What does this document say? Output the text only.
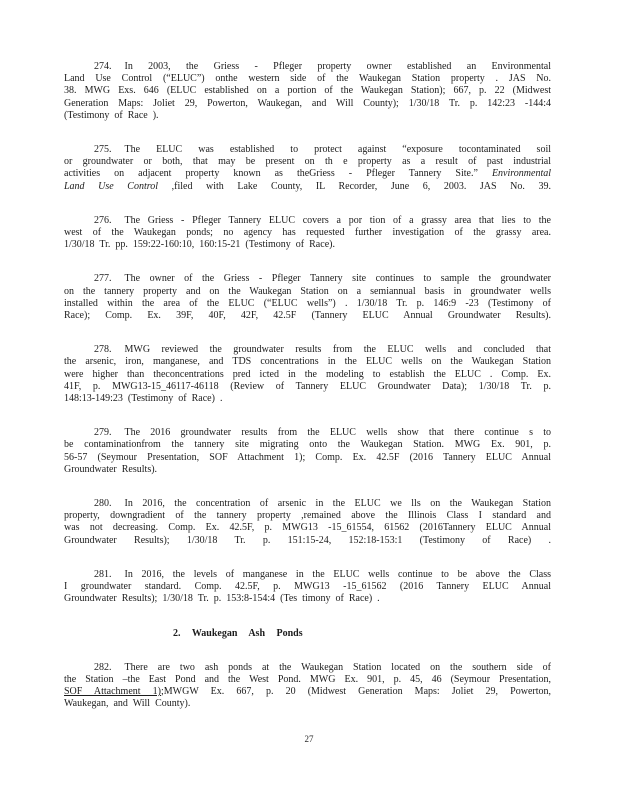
274. In 2003, the Griess - Pfleger property owner established an Environmental
Land Use Control (“ELUC”) onthe western side of the Waukegan Station property . JAS No.
38. MWG Exs. 646 (ELUC established on a portion of the Waukegan Station); 667, p. 22 (Midwest
Generation Maps: Joliet 29, Powerton, Waukegan, and Will County); 1/30/18 Tr. p. 142:23 -144:4
(Testimony of Race ).
275. The ELUC was established to protect against “exposure tocontaminated soil
or groundwater or both, that may be present on th e property as a result of past industrial
activities on adjacent property known as theGriess - Pfleger Tannery Site.” Environmental
Land Use Control ,filed with Lake County, IL Recorder, June 6, 2003. JAS No. 39.
276. The Griess - Pfleger Tannery ELUC covers a por tion of a grassy area that lies to the
west of the Waukegan ponds; no agency has requested further investigation of the grassy area.
1/30/18 Tr. pp. 159:22-160:10, 160:15-21 (Testimony of Race).
277. The owner of the Griess - Pfleger Tannery site continues to sample the groundwater
on the tannery property and on the Waukegan Station on a semiannual basis in groundwater wells
installed within the area of the ELUC (“ELUC wells”) . 1/30/18 Tr. p. 146:9 -23 (Testimony of
Race); Comp. Ex. 39F, 40F, 42F, 42.5F (Tannery ELUC Annual Groundwater Results).
278. MWG reviewed the groundwater results from the ELUC wells and concluded that
the arsenic, iron, manganese, and TDS concentrations in the ELUC wells on the Waukegan Station
were higher than theconcentrations pred icted in the modeling to establish the ELUC . Comp. Ex.
41F, p. MWG13-15_46117-46118 (Review of Tannery ELUC Groundwater Data); 1/30/18 Tr. p.
148:13-149:23 (Testimony of Race) .
279. The 2016 groundwater results from the ELUC wells show that there continue s to
be contaminationfrom the tannery site migrating onto the Waukegan Station. MWG Ex. 901, p.
56-57 (Seymour Presentation, SOF Attachment 1); Comp. Ex. 42.5F (2016 Tannery ELUC Annual
Groundwater Results).
280. In 2016, the concentration of arsenic in the ELUC we lls on the Waukegan Station
property, downgradient of the tannery property ,remained above the Illinois Class I standard and
was not decreasing. Comp. Ex. 42.5F, p. MWG13 -15_61554, 61562 (2016Tannery ELUC Annual
Groundwater Results); 1/30/18 Tr. p. 151:15-24, 152:18-153:1 (Testimony of Race) .
281. In 2016, the levels of manganese in the ELUC wells continue to be above the Class
I groundwater standard. Comp. 42.5F, p. MWG13 -15_61562 (2016 Tannery ELUC Annual
Groundwater Results); 1/30/18 Tr. p. 153:8-154:4 (Tes timony of Race) .
2. Waukegan Ash Ponds
282. There are two ash ponds at the Waukegan Station located on the southern side of
the Station –the East Pond and the West Pond. MWG Ex. 901, p. 45, 46 (Seymour Presentation,
SOF Attachment 1);MWGW Ex. 667, p. 20 (Midwest Generation Maps: Joliet 29, Powerton,
Waukegan, and Will County).
27
